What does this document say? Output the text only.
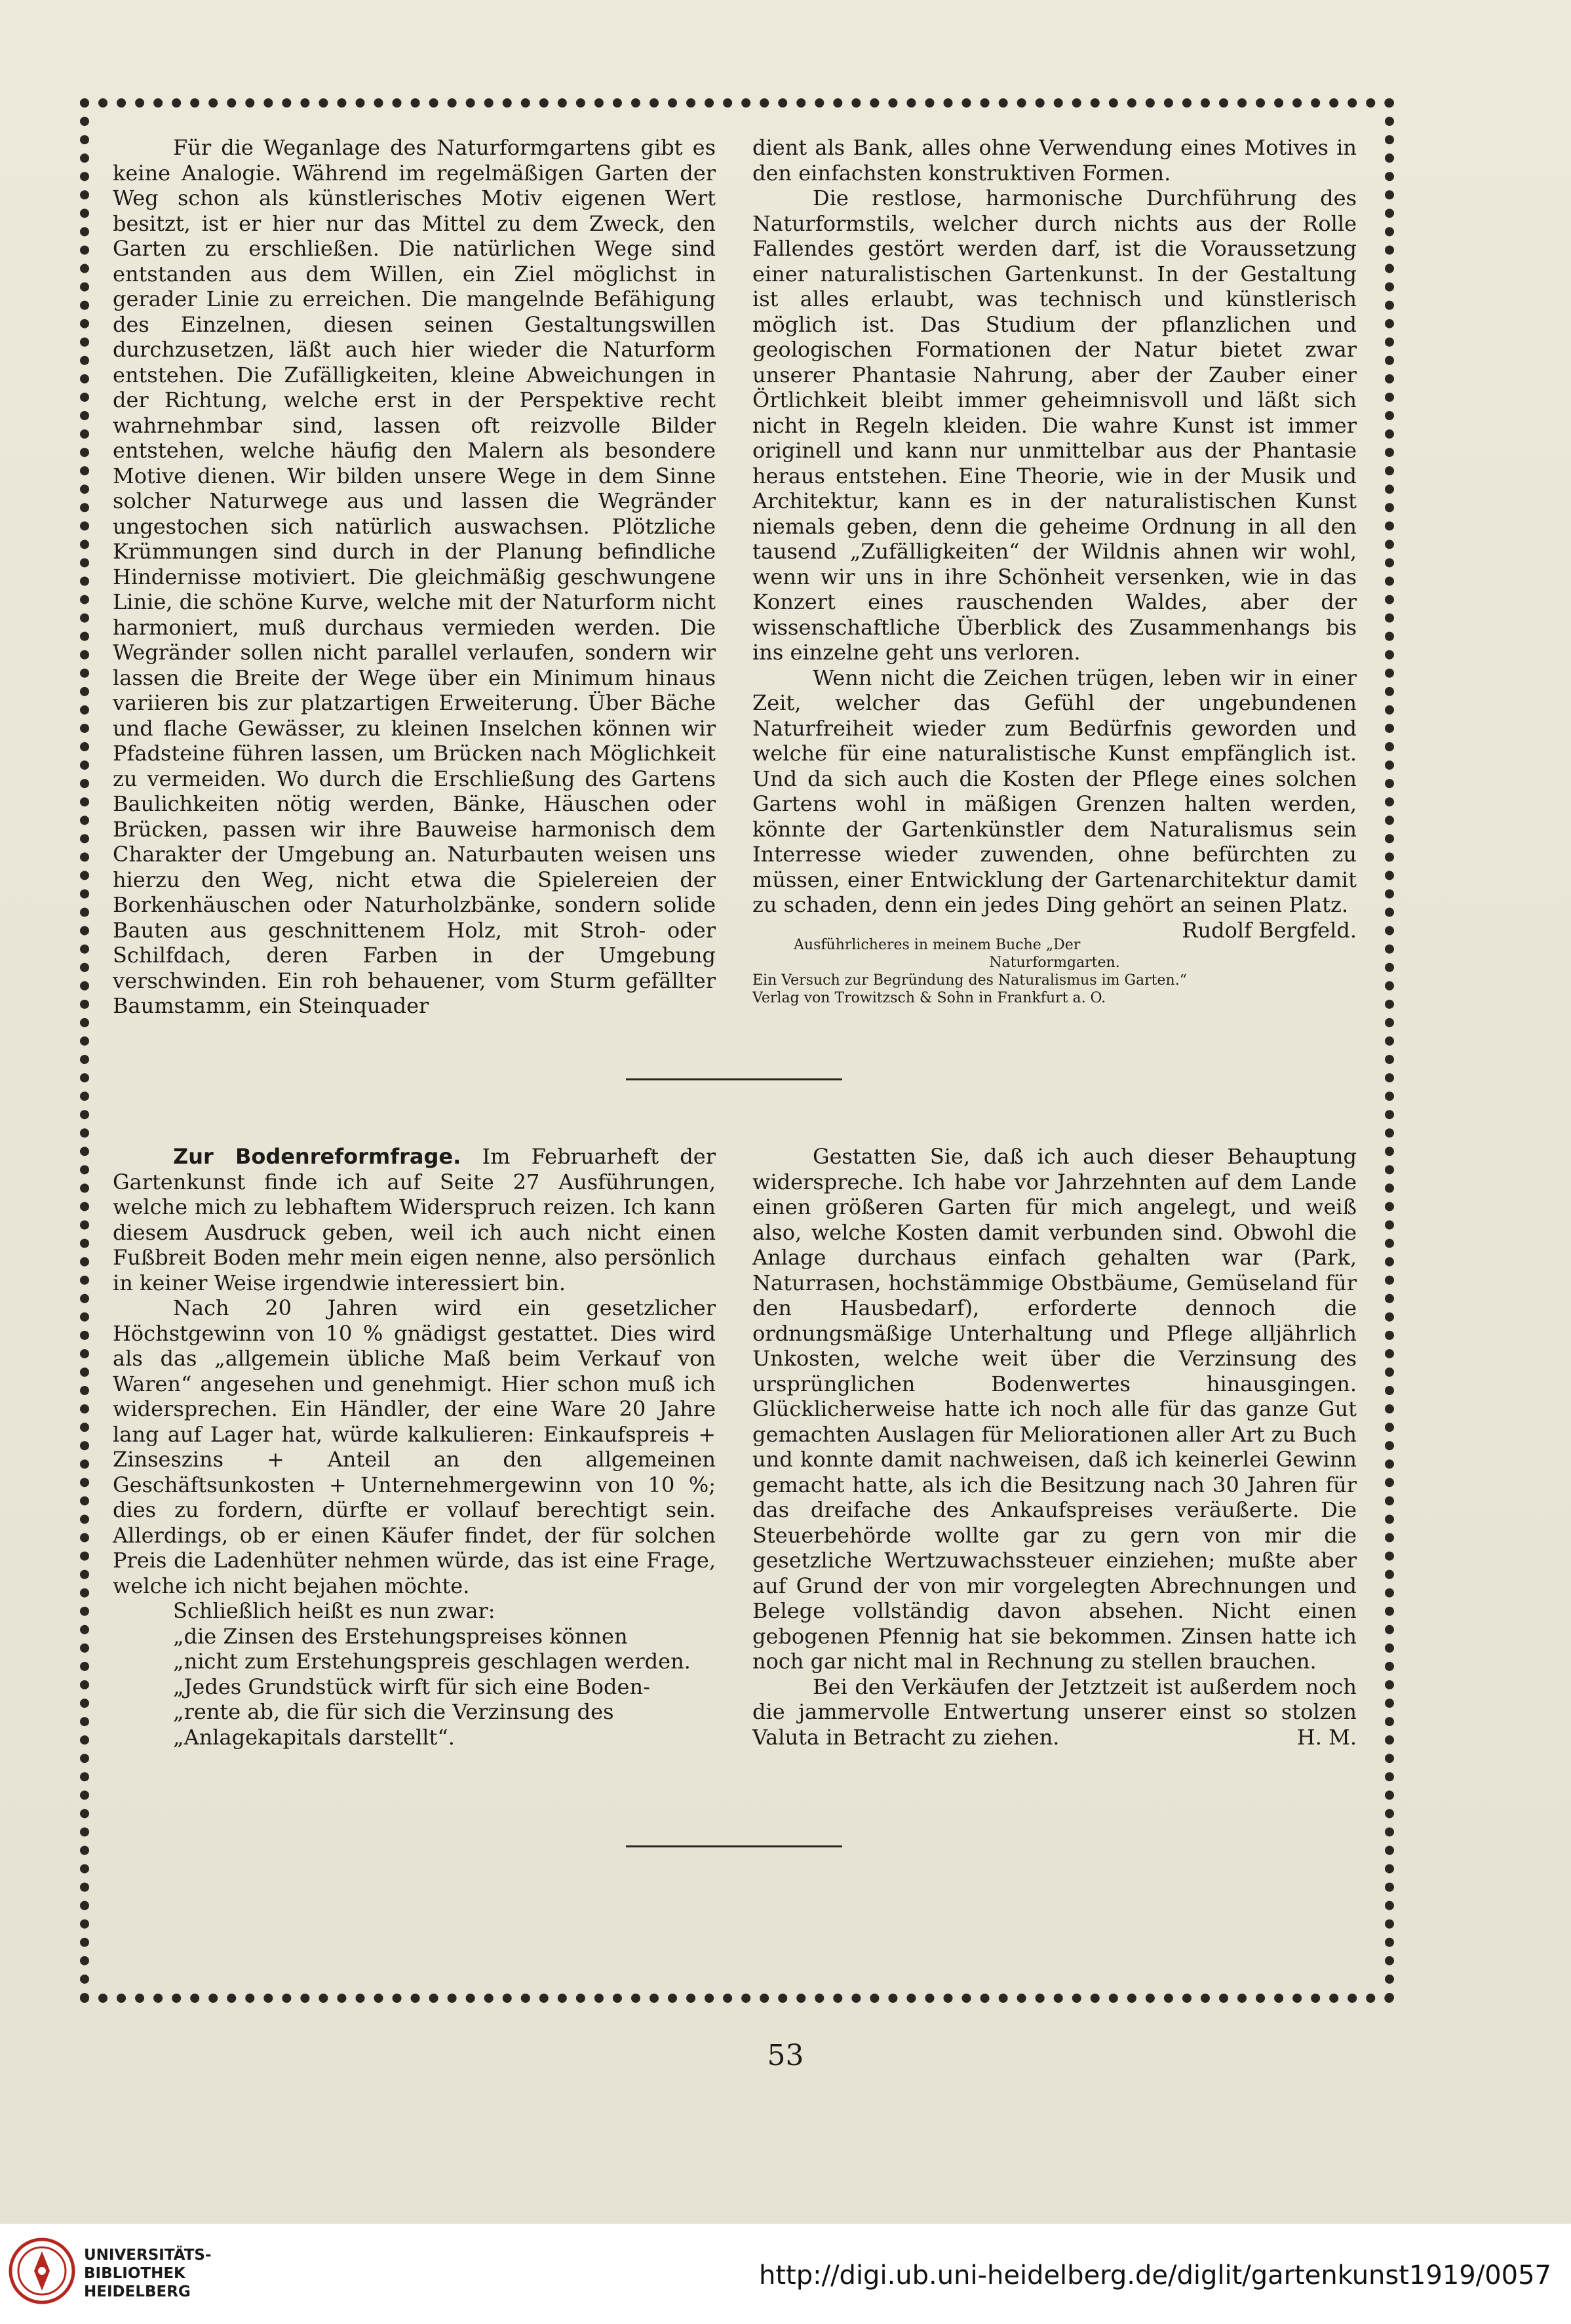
Für die Weganlage des Naturformgartens gibt es keine Analogie. Während im regelmäßigen Garten der Weg schon als künstlerisches Motiv eigenen Wert besitzt, ist er hier nur das Mittel zu dem Zweck, den Garten zu erschließen. Die natürlichen Wege sind entstanden aus dem Willen, ein Ziel möglichst in gerader Linie zu erreichen. Die mangelnde Befähigung des Einzelnen, diesen seinen Gestaltungswillen durchzusetzen, läßt auch hier wieder die Naturform entstehen. Die Zufälligkeiten, kleine Abweichungen in der Richtung, welche erst in der Perspektive recht wahrnehmbar sind, lassen oft reizvolle Bilder entstehen, welche häufig den Malern als besondere Motive dienen. Wir bilden unsere Wege in dem Sinne solcher Naturwege aus und lassen die Wegränder ungestochen sich natürlich auswachsen. Plötzliche Krümmungen sind durch in der Planung befindliche Hindernisse motiviert. Die gleichmäßig geschwungene Linie, die schöne Kurve, welche mit der Naturform nicht harmoniert, muß durchaus vermieden werden. Die Wegränder sollen nicht parallel verlaufen, sondern wir lassen die Breite der Wege über ein Minimum hinaus variieren bis zur platzartigen Erweiterung. Über Bäche und flache Gewässer, zu kleinen Inselchen können wir Pfadsteine führen lassen, um Brücken nach Möglichkeit zu vermeiden. Wo durch die Erschließung des Gartens Baulichkeiten nötig werden, Bänke, Häuschen oder Brücken, passen wir ihre Bauweise harmonisch dem Charakter der Umgebung an. Naturbauten weisen uns hierzu den Weg, nicht etwa die Spielereien der Borkenhäuschen oder Naturholzbänke, sondern solide Bauten aus geschnittenem Holz, mit Stroh- oder Schilfdach, deren Farben in der Umgebung verschwinden. Ein roh behauener, vom Sturm gefällter Baumstamm, ein Steinquader

dient als Bank, alles ohne Verwendung eines Motives in den einfachsten konstruktiven Formen.

Die restlose, harmonische Durchführung des Naturformstils, welcher durch nichts aus der Rolle Fallendes gestört werden darf, ist die Voraussetzung einer naturalistischen Gartenkunst. In der Gestaltung ist alles erlaubt, was technisch und künstlerisch möglich ist. Das Studium der pflanzlichen und geologischen Formationen der Natur bietet zwar unserer Phantasie Nahrung, aber der Zauber einer Örtlichkeit bleibt immer geheimnisvoll und läßt sich nicht in Regeln kleiden. Die wahre Kunst ist immer originell und kann nur unmittelbar aus der Phantasie heraus entstehen. Eine Theorie, wie in der Musik und Architektur, kann es in der naturalistischen Kunst niemals geben, denn die geheime Ordnung in all den tausend „Zufälligkeiten“ der Wildnis ahnen wir wohl, wenn wir uns in ihre Schönheit versenken, wie in das Konzert eines rauschenden Waldes, aber der wissenschaftliche Überblick des Zusammenhangs bis ins einzelne geht uns verloren.

Wenn nicht die Zeichen trügen, leben wir in einer Zeit, welcher das Gefühl der ungebundenen Naturfreiheit wieder zum Bedürfnis geworden und welche für eine naturalistische Kunst empfänglich ist. Und da sich auch die Kosten der Pflege eines solchen Gartens wohl in mäßigen Grenzen halten werden, könnte der Gartenkünstler dem Naturalismus sein Interresse wieder zuwenden, ohne befürchten zu müssen, einer Entwicklung der Gartenarchitektur damit zu schaden, denn ein jedes Ding gehört an seinen Platz.
Rudolf Bergfeld.

Ausführlicheres in meinem Buche „Der Naturformgarten.
Ein Versuch zur Begründung des Naturalismus im Garten.“
Verlag von Trowitzsch & Sohn in Frankfurt a. O.

Zur Bodenreformfrage. Im Februarheft der Gartenkunst finde ich auf Seite 27 Ausführungen, welche mich zu lebhaftem Widerspruch reizen. Ich kann diesem Ausdruck geben, weil ich auch nicht einen Fußbreit Boden mehr mein eigen nenne, also persönlich in keiner Weise irgendwie interessiert bin.

Nach 20 Jahren wird ein gesetzlicher Höchstgewinn von 10 % gnädigst gestattet. Dies wird als das „allgemein übliche Maß beim Verkauf von Waren“ angesehen und genehmigt. Hier schon muß ich widersprechen. Ein Händler, der eine Ware 20 Jahre lang auf Lager hat, würde kalkulieren: Einkaufspreis + Zinseszins + Anteil an den allgemeinen Geschäftsunkosten + Unternehmergewinn von 10 %; dies zu fordern, dürfte er vollauf berechtigt sein. Allerdings, ob er einen Käufer findet, der für solchen Preis die Ladenhüter nehmen würde, das ist eine Frage, welche ich nicht bejahen möchte.

Schließlich heißt es nun zwar:

„die Zinsen des Erstehungspreises können

„nicht zum Erstehungspreis geschlagen werden.

„Jedes Grundstück wirft für sich eine Boden-

„rente ab, die für sich die Verzinsung des

„Anlagekapitals darstellt“.

Gestatten Sie, daß ich auch dieser Behauptung widerspreche. Ich habe vor Jahrzehnten auf dem Lande einen größeren Garten für mich angelegt, und weiß also, welche Kosten damit verbunden sind. Obwohl die Anlage durchaus einfach gehalten war (Park, Naturrasen, hochstämmige Obstbäume, Gemüseland für den Hausbedarf), erforderte dennoch die ordnungsmäßige Unterhaltung und Pflege alljährlich Unkosten, welche weit über die Verzinsung des ursprünglichen Bodenwertes hinausgingen. Glücklicherweise hatte ich noch alle für das ganze Gut gemachten Auslagen für Meliorationen aller Art zu Buch und konnte damit nachweisen, daß ich keinerlei Gewinn gemacht hatte, als ich die Besitzung nach 30 Jahren für das dreifache des Ankaufspreises veräußerte. Die Steuerbehörde wollte gar zu gern von mir die gesetzliche Wertzuwachssteuer einziehen; mußte aber auf Grund der von mir vorgelegten Abrechnungen und Belege vollständig davon absehen. Nicht einen gebogenen Pfennig hat sie bekommen. Zinsen hatte ich noch gar nicht mal in Rechnung zu stellen brauchen.

Bei den Verkäufen der Jetztzeit ist außerdem noch die jammervolle Entwertung unserer einst so stolzen Valuta in Betracht zu ziehen.	H. M.

53
UNIVERSITÄTS-
BIBLIOTHEK
HEIDELBERG
http://digi.ub.uni-heidelberg.de/diglit/gartenkunst1919/0057
